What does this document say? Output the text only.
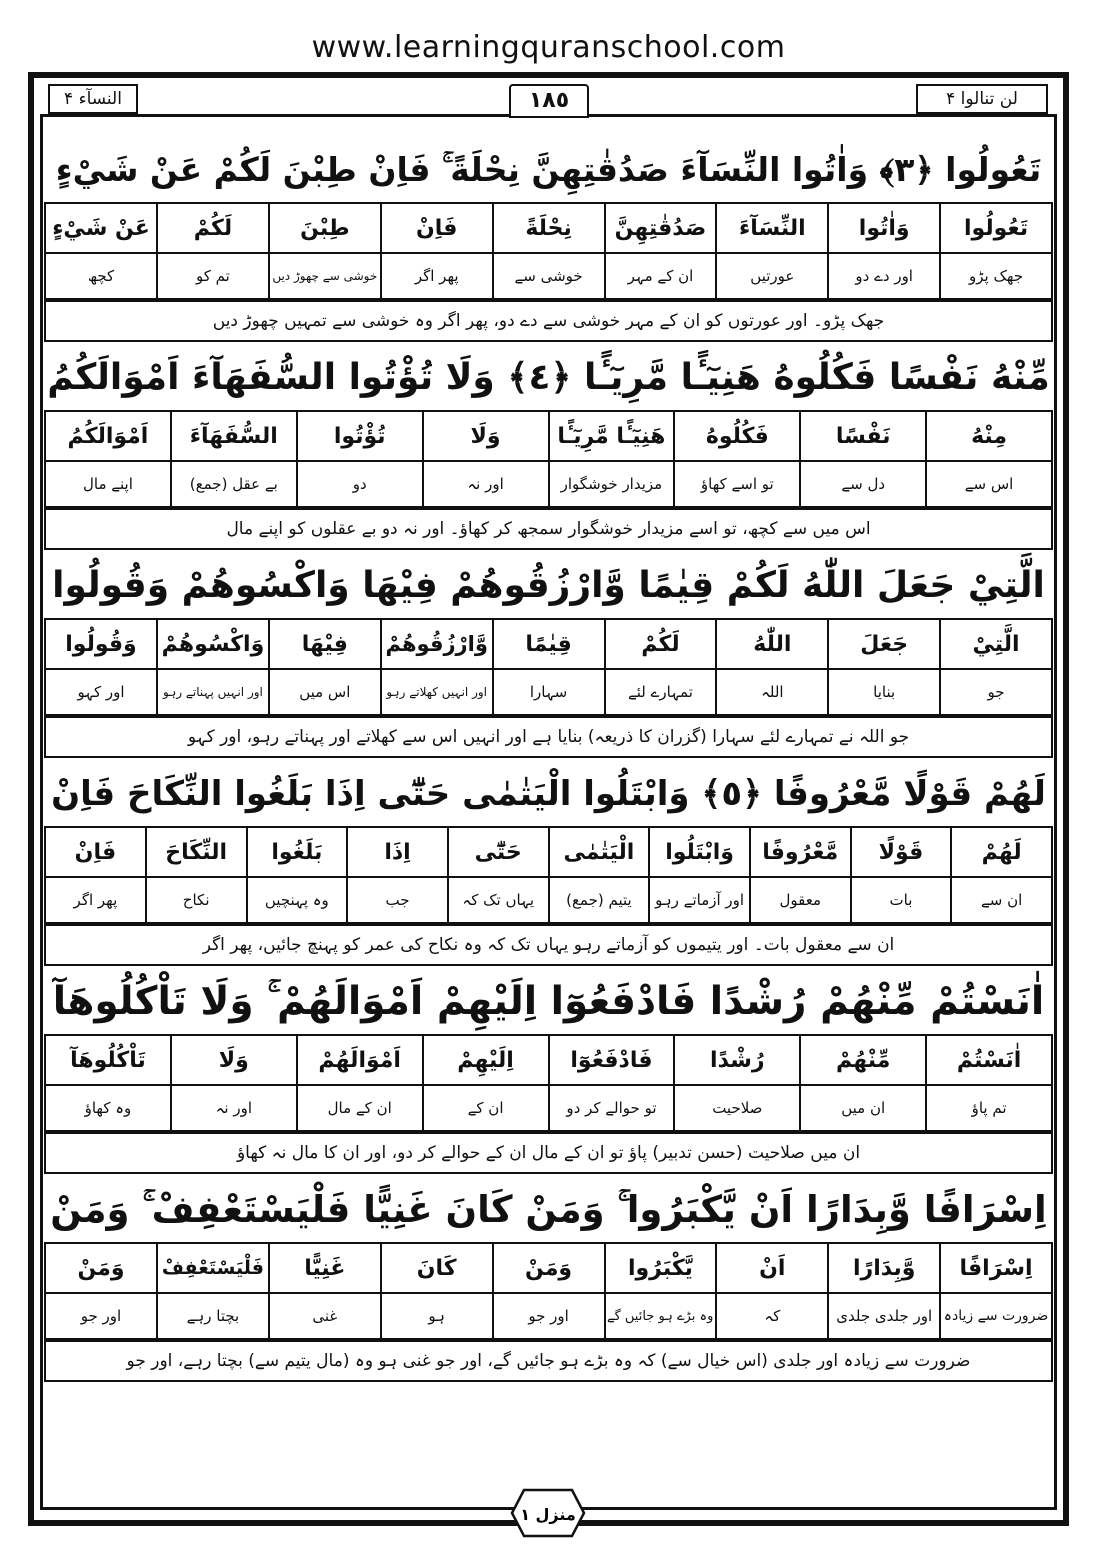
www.learningquranschool.com
النسآء ۴	١٨٥	لن تنالوا ۴
تَعُولُوا ﴿٣﴾ وَاٰتُوا النِّسَآءَ صَدُقٰتِهِنَّ نِحْلَةً ۚ فَاِنْ طِبْنَ لَكُمْ عَنْ شَيْءٍ
تَعُولُوا	وَاٰتُوا	النِّسَآءَ	صَدُقٰتِهِنَّ	نِحْلَةً	فَاِنْ	طِبْنَ	لَكُمْ	عَنْ شَيْءٍ
جھک پڑو	اور دے دو	عورتیں	ان کے مہر	خوشی سے	پھر اگر	خوشی سے چھوڑ دیں	تم کو	کچھ
جھک پڑو۔ اور عورتوں کو ان کے مہر خوشی سے دے دو، پھر اگر وہ خوشی سے تمہیں چھوڑ دیں
مِّنْهُ نَفْسًا فَكُلُوهُ هَنِيٓـًٔا مَّرِيٓـًٔا ﴿٤﴾ وَلَا تُؤْتُوا السُّفَهَآءَ اَمْوَالَكُمُ
مِنْهُ	نَفْسًا	فَكُلُوهُ	هَنِيٓـًٔا مَّرِيٓـًٔا	وَلَا	تُؤْتُوا	السُّفَهَآءَ	اَمْوَالَكُمُ
اس سے	دل سے	تو اسے کھاؤ	مزیدار خوشگوار	اور نہ	دو	بے عقل (جمع)	اپنے مال
اس میں سے کچھ، تو اسے مزیدار خوشگوار سمجھ کر کھاؤ۔ اور نہ دو بے عقلوں کو اپنے مال
الَّتِيْ جَعَلَ اللّٰهُ لَكُمْ قِيٰمًا وَّارْزُقُوهُمْ فِيْهَا وَاكْسُوهُمْ وَقُولُوا
الَّتِيْ	جَعَلَ	اللّٰهُ	لَكُمْ	قِيٰمًا	وَّارْزُقُوهُمْ	فِيْهَا	وَاكْسُوهُمْ	وَقُولُوا
جو	بنایا	اللہ	تمہارے لئے	سہارا	اور انہیں کھلاتے رہو	اس میں	اور انہیں پہناتے رہو	اور کہو
جو اللہ نے تمہارے لئے سہارا (گزران کا ذریعہ) بنایا ہے اور انہیں اس سے کھلاتے اور پہناتے رہو، اور کہو
لَهُمْ قَوْلًا مَّعْرُوفًا ﴿٥﴾ وَابْتَلُوا الْيَتٰمٰى حَتّٰٓى اِذَا بَلَغُوا النِّكَاحَ فَاِنْ
لَهُمْ	قَوْلًا	مَّعْرُوفًا	وَابْتَلُوا	الْيَتٰمٰى	حَتّٰٓى	اِذَا	بَلَغُوا	النِّكَاحَ	فَاِنْ
ان سے	بات	معقول	اور آزماتے رہو	یتیم (جمع)	یہاں تک کہ	جب	وہ پہنچیں	نکاح	پھر اگر
ان سے معقول بات۔ اور یتیموں کو آزماتے رہو یہاں تک کہ وہ نکاح کی عمر کو پہنچ جائیں، پھر اگر
اٰنَسْتُمْ مِّنْهُمْ رُشْدًا فَادْفَعُوٓا اِلَيْهِمْ اَمْوَالَهُمْ ۚ وَلَا تَاْكُلُوهَآ
اٰنَسْتُمْ	مِّنْهُمْ	رُشْدًا	فَادْفَعُوٓا	اِلَيْهِمْ	اَمْوَالَهُمْ	وَلَا	تَاْكُلُوهَآ
تم پاؤ	ان میں	صلاحیت	تو حوالے کر دو	ان کے	ان کے مال	اور نہ	وہ کھاؤ
ان میں صلاحیت (حسن تدبیر) پاؤ تو ان کے مال ان کے حوالے کر دو، اور ان کا مال نہ کھاؤ
اِسْرَافًا وَّبِدَارًا اَنْ يَّكْبَرُوا ۚ وَمَنْ كَانَ غَنِيًّا فَلْيَسْتَعْفِفْ ۚ وَمَنْ
اِسْرَافًا	وَّبِدَارًا	اَنْ	يَّكْبَرُوا	وَمَنْ	كَانَ	غَنِيًّا	فَلْيَسْتَعْفِفْ	وَمَنْ
ضرورت سے زیادہ	اور جلدی جلدی	کہ	وہ بڑے ہو جائیں گے	اور جو	ہو	غنی	بچتا رہے	اور جو
ضرورت سے زیادہ اور جلدی (اس خیال سے) کہ وہ بڑے ہو جائیں گے، اور جو غنی ہو وہ (مال یتیم سے) بچتا رہے، اور جو
منزل ۱
